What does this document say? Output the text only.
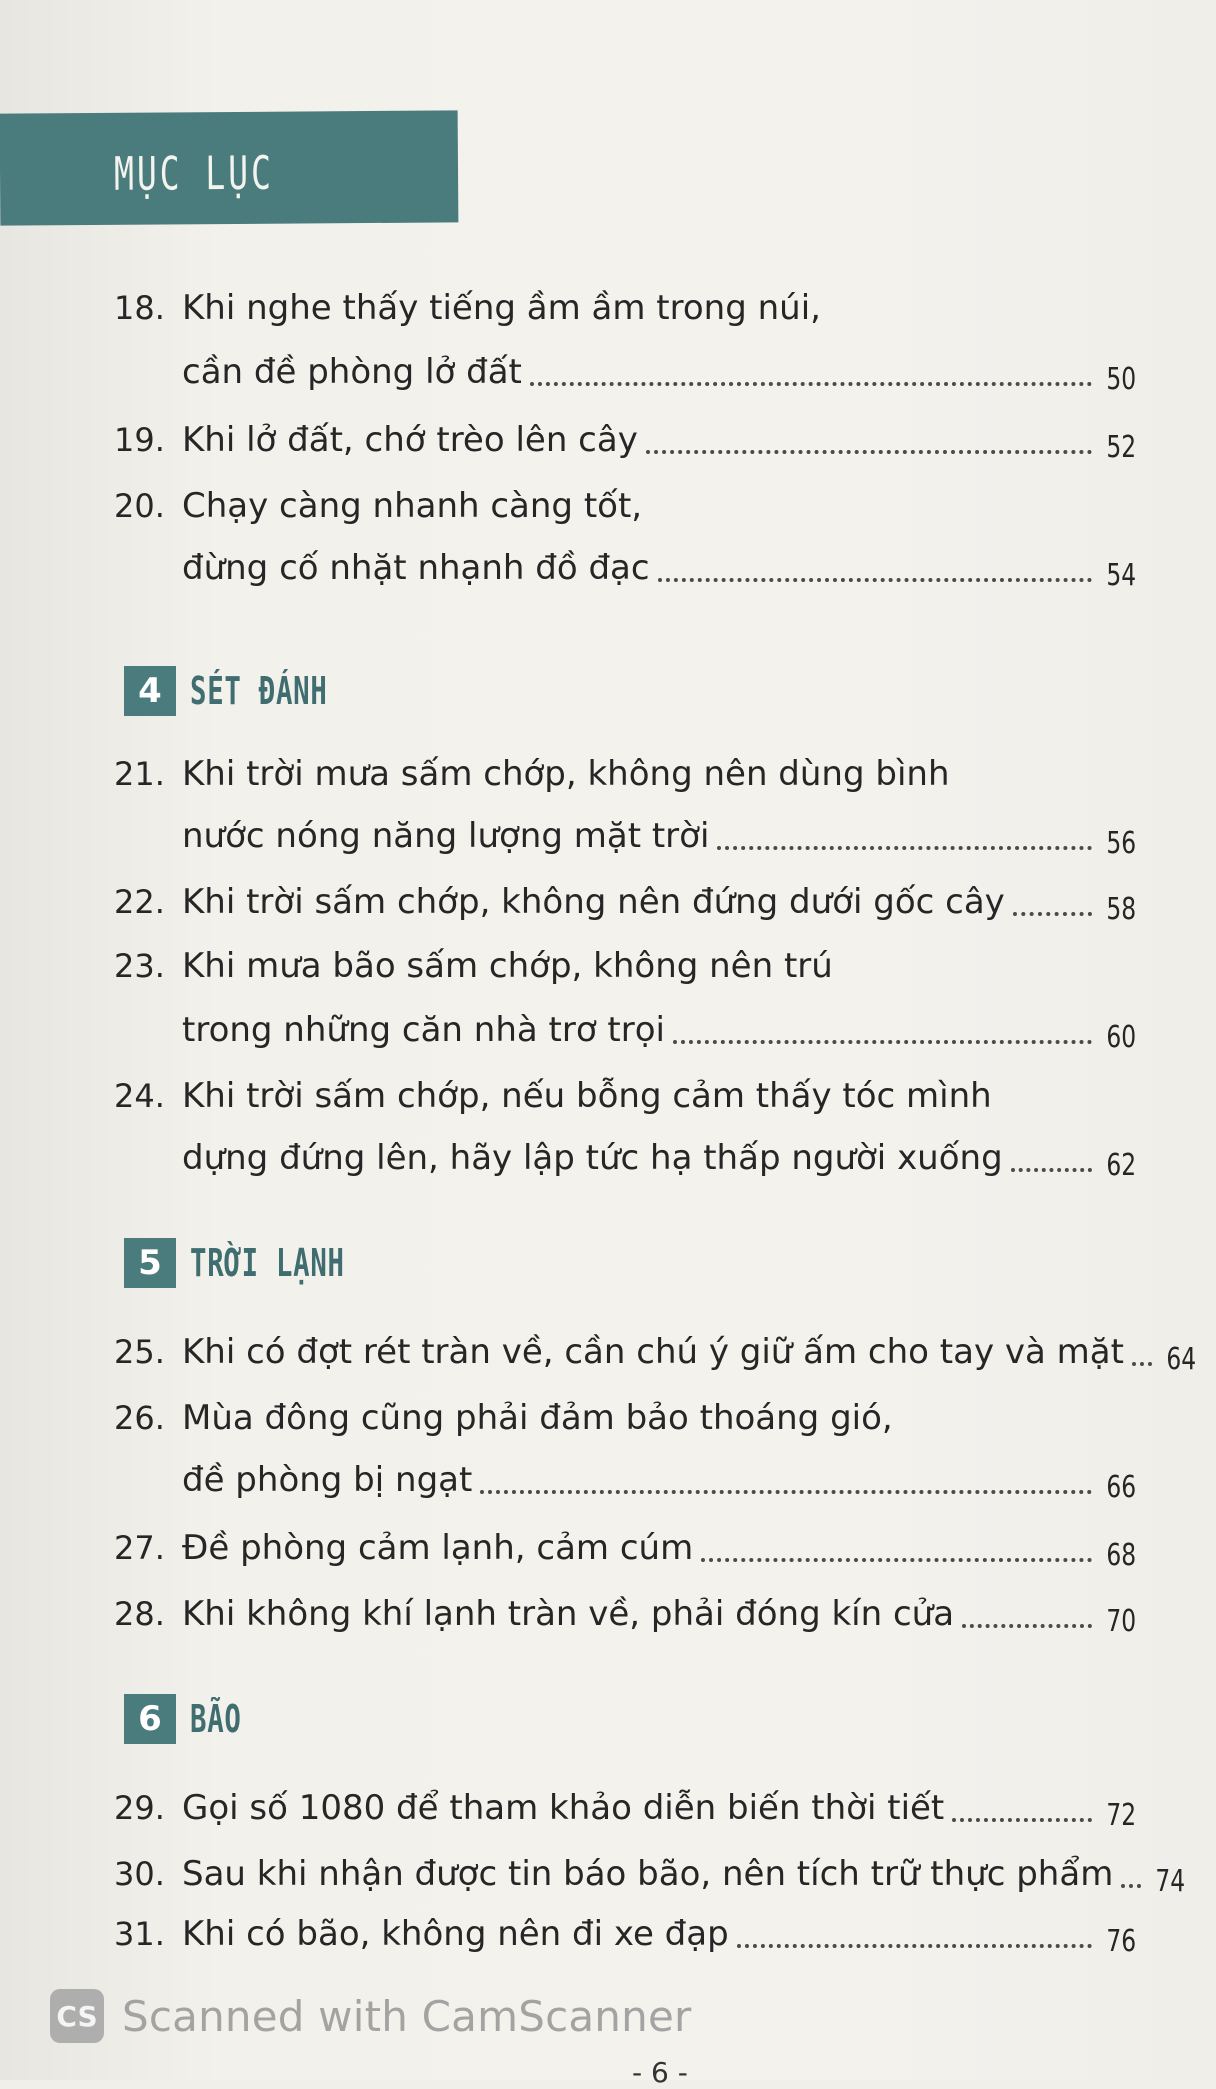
MỤC LỤC
18. Khi nghe thấy tiếng ầm ầm trong núi,
cần đề phòng lở đất	50
19. Khi lở đất, chớ trèo lên cây	52
20. Chạy càng nhanh càng tốt,
đừng cố nhặt nhạnh đồ đạc	54
4 SÉT ĐÁNH
21. Khi trời mưa sấm chớp, không nên dùng bình
nước nóng năng lượng mặt trời	56
22. Khi trời sấm chớp, không nên đứng dưới gốc cây	58
23. Khi mưa bão sấm chớp, không nên trú
trong những căn nhà trơ trọi	60
24. Khi trời sấm chớp, nếu bỗng cảm thấy tóc mình
dựng đứng lên, hãy lập tức hạ thấp người xuống	62
5 TRỜI LẠNH
25. Khi có đợt rét tràn về, cần chú ý giữ ấm cho tay và mặt 64
26. Mùa đông cũng phải đảm bảo thoáng gió,
đề phòng bị ngạt	66
27. Đề phòng cảm lạnh, cảm cúm	68
28. Khi không khí lạnh tràn về, phải đóng kín cửa	70
6 BÃO
29. Gọi số 1080 để tham khảo diễn biến thời tiết	72
30. Sau khi nhận được tin báo bão, nên tích trữ thực phẩm 74
31. Khi có bão, không nên đi xe đạp	76
CS Scanned with CamScanner
- 6 -
